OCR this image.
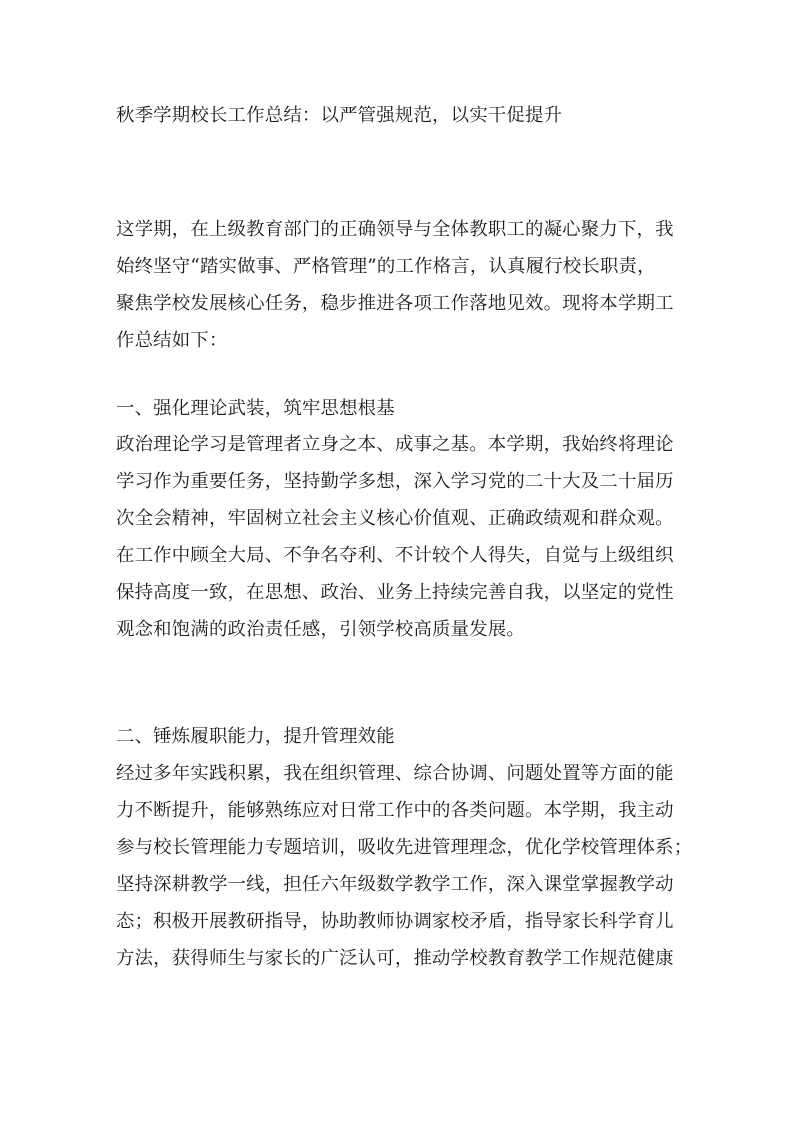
秋季学期校长工作总结：以严管强规范，以实干促提升
这学期，在上级教育部门的正确领导与全体教职工的凝心聚力下，我
始终坚守“踏实做事、严格管理”的工作格言，认真履行校长职责，
聚焦学校发展核心任务，稳步推进各项工作落地见效。现将本学期工
作总结如下：
一、强化理论武装，筑牢思想根基
政治理论学习是管理者立身之本、成事之基。本学期，我始终将理论
学习作为重要任务，坚持勤学多想，深入学习党的二十大及二十届历
次全会精神，牢固树立社会主义核心价值观、正确政绩观和群众观。
在工作中顾全大局、不争名夺利、不计较个人得失，自觉与上级组织
保持高度一致，在思想、政治、业务上持续完善自我，以坚定的党性
观念和饱满的政治责任感，引领学校高质量发展。
二、锤炼履职能力，提升管理效能
经过多年实践积累，我在组织管理、综合协调、问题处置等方面的能
力不断提升，能够熟练应对日常工作中的各类问题。本学期，我主动
参与校长管理能力专题培训，吸收先进管理理念，优化学校管理体系；
坚持深耕教学一线，担任六年级数学教学工作，深入课堂掌握教学动
态；积极开展教研指导，协助教师协调家校矛盾，指导家长科学育儿
方法，获得师生与家长的广泛认可，推动学校教育教学工作规范健康
